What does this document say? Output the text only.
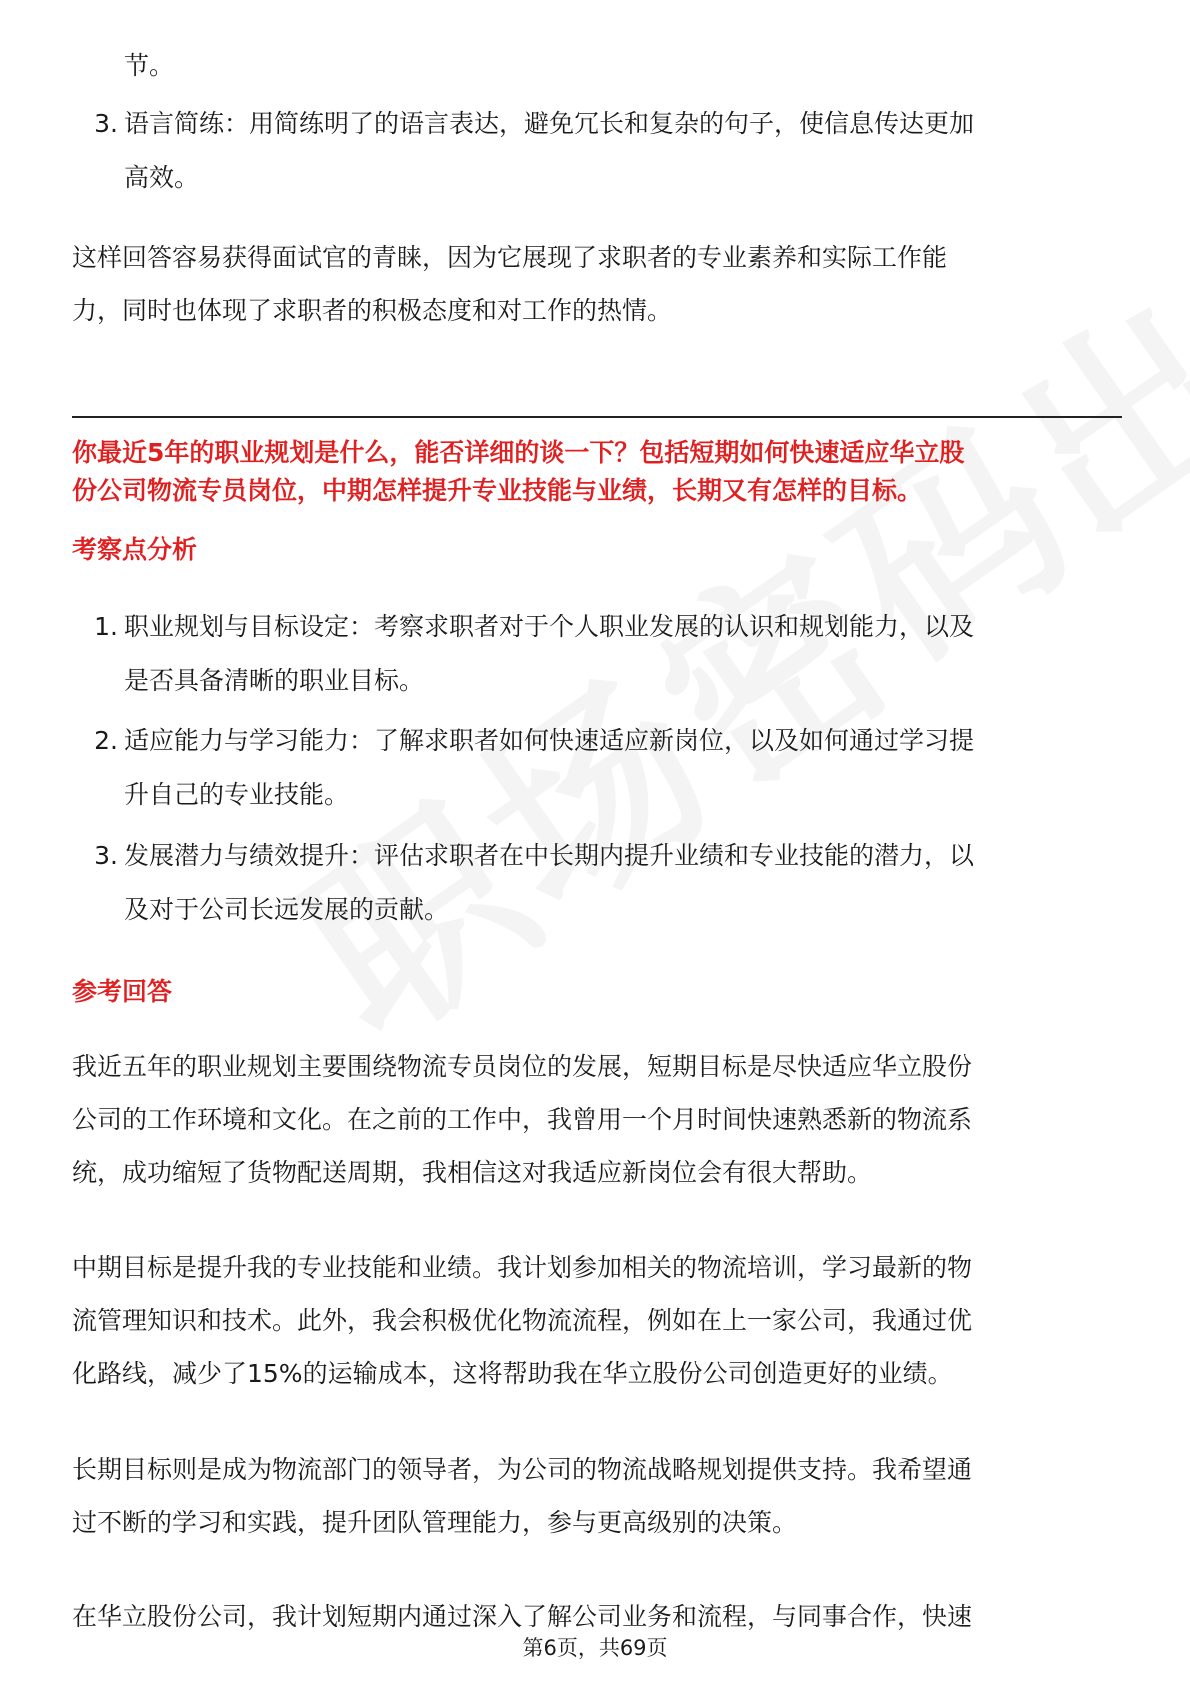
节。
3. 语言简练：用简练明了的语言表达，避免冗长和复杂的句子，使信息传达更加
高效。
这样回答容易获得面试官的青睐，因为它展现了求职者的专业素养和实际工作能
力，同时也体现了求职者的积极态度和对工作的热情。
你最近5年的职业规划是什么，能否详细的谈一下？包括短期如何快速适应华立股
份公司物流专员岗位，中期怎样提升专业技能与业绩，长期又有怎样的目标。
考察点分析
1. 职业规划与目标设定：考察求职者对于个人职业发展的认识和规划能力，以及
是否具备清晰的职业目标。
2. 适应能力与学习能力：了解求职者如何快速适应新岗位，以及如何通过学习提
升自己的专业技能。
3. 发展潜力与绩效提升：评估求职者在中长期内提升业绩和专业技能的潜力，以
及对于公司长远发展的贡献。
参考回答
我近五年的职业规划主要围绕物流专员岗位的发展，短期目标是尽快适应华立股份
公司的工作环境和文化。在之前的工作中，我曾用一个月时间快速熟悉新的物流系
统，成功缩短了货物配送周期，我相信这对我适应新岗位会有很大帮助。
中期目标是提升我的专业技能和业绩。我计划参加相关的物流培训，学习最新的物
流管理知识和技术。此外，我会积极优化物流流程，例如在上一家公司，我通过优
化路线，减少了15%的运输成本，这将帮助我在华立股份公司创造更好的业绩。
长期目标则是成为物流部门的领导者，为公司的物流战略规划提供支持。我希望通
过不断的学习和实践，提升团队管理能力，参与更高级别的决策。
在华立股份公司，我计划短期内通过深入了解公司业务和流程，与同事合作，快速
第6页，共69页
